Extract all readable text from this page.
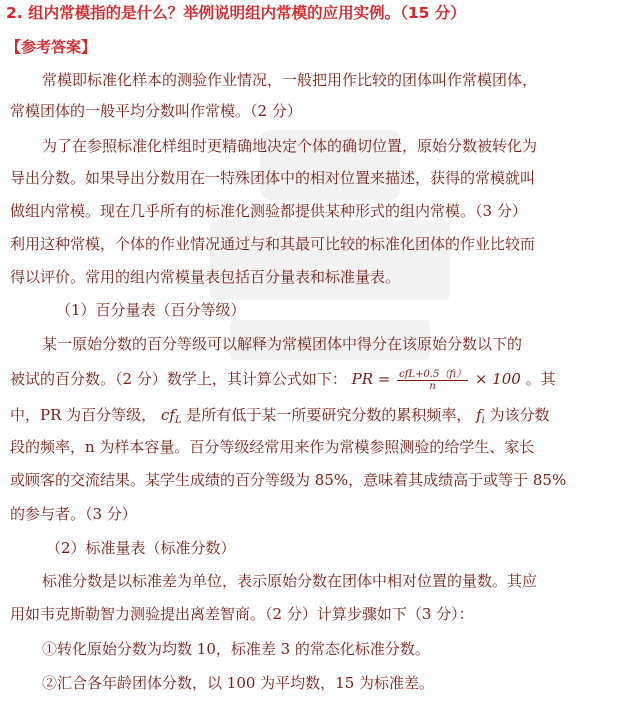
2. 组内常模指的是什么？举例说明组内常模的应用实例。（15 分）
【参考答案】
常模即标准化样本的测验作业情况，一般把用作比较的团体叫作常模团体，
常模团体的一般平均分数叫作常模。（2 分）
为了在参照标准化样组时更精确地决定个体的确切位置，原始分数被转化为
导出分数。如果导出分数用在一特殊团体中的相对位置来描述，获得的常模就叫
做组内常模。现在几乎所有的标准化测验都提供某种形式的组内常模。（3 分）
利用这种常模，个体的作业情况通过与和其最可比较的标准化团体的作业比较而
得以评价。常用的组内常模量表包括百分量表和标准量表。
（1）百分量表（百分等级）
某一原始分数的百分等级可以解释为常模团体中得分在该原始分数以下的
被试的百分数。（2 分）数学上，其计算公式如下： PR = $\frac{\text{cfL+0.5（fi）}}{n} \times 100$ 。其
中，PR 为百分等级， $cf_L$ 是所有低于某一所要研究分数的累积频率， $f_i$ 为该分数
段的频率，n 为样本容量。百分等级经常用来作为常模参照测验的给学生、家长
或顾客的交流结果。某学生成绩的百分等级为 85%，意味着其成绩高于或等于 85%
的参与者。（3 分）
（2）标准量表（标准分数）
标准分数是以标准差为单位，表示原始分数在团体中相对位置的量数。其应
用如韦克斯勒智力测验提出离差智商。（2 分）计算步骤如下（3 分）：
①转化原始分数为均数 10，标准差 3 的常态化标准分数。
②汇合各年龄团体分数，以 100 为平均数，15 为标准差。
